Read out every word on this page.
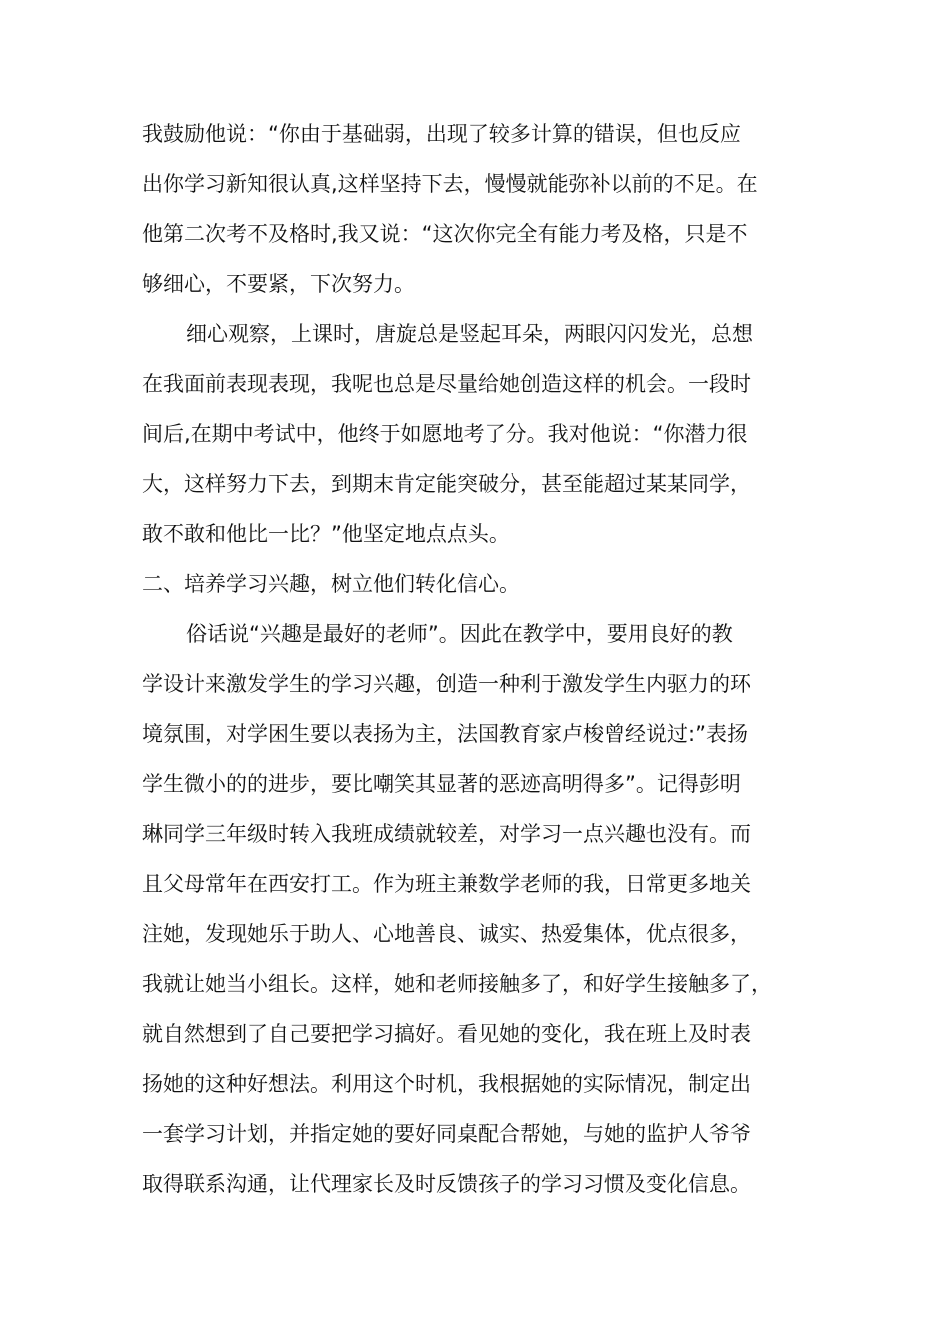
我鼓励他说：“你由于基础弱，出现了较多计算的错误，但也反应

出你学习新知很认真,这样坚持下去，慢慢就能弥补以前的不足。在

他第二次考不及格时,我又说：“这次你完全有能力考及格，只是不

够细心，不要紧，下次努力。

细心观察，上课时，唐旋总是竖起耳朵，两眼闪闪发光，总想

在我面前表现表现，我呢也总是尽量给她创造这样的机会。一段时

间后,在期中考试中，他终于如愿地考了分。我对他说：“你潜力很

大，这样努力下去，到期末肯定能突破分，甚至能超过某某同学，

敢不敢和他比一比？”他坚定地点点头。

二、培养学习兴趣，树立他们转化信心。

俗话说“兴趣是最好的老师”。因此在教学中，要用良好的教

学设计来激发学生的学习兴趣，创造一种利于激发学生内驱力的环

境氛围，对学困生要以表扬为主，法国教育家卢梭曾经说过:”表扬

学生微小的的进步，要比嘲笑其显著的恶迹高明得多”。记得彭明

琳同学三年级时转入我班成绩就较差，对学习一点兴趣也没有。而

且父母常年在西安打工。作为班主兼数学老师的我，日常更多地关

注她，发现她乐于助人、心地善良、诚实、热爱集体，优点很多，

我就让她当小组长。这样，她和老师接触多了，和好学生接触多了，

就自然想到了自己要把学习搞好。看见她的变化，我在班上及时表

扬她的这种好想法。利用这个时机，我根据她的实际情况，制定出

一套学习计划，并指定她的要好同桌配合帮她，与她的监护人爷爷

取得联系沟通，让代理家长及时反馈孩子的学习习惯及变化信息。
